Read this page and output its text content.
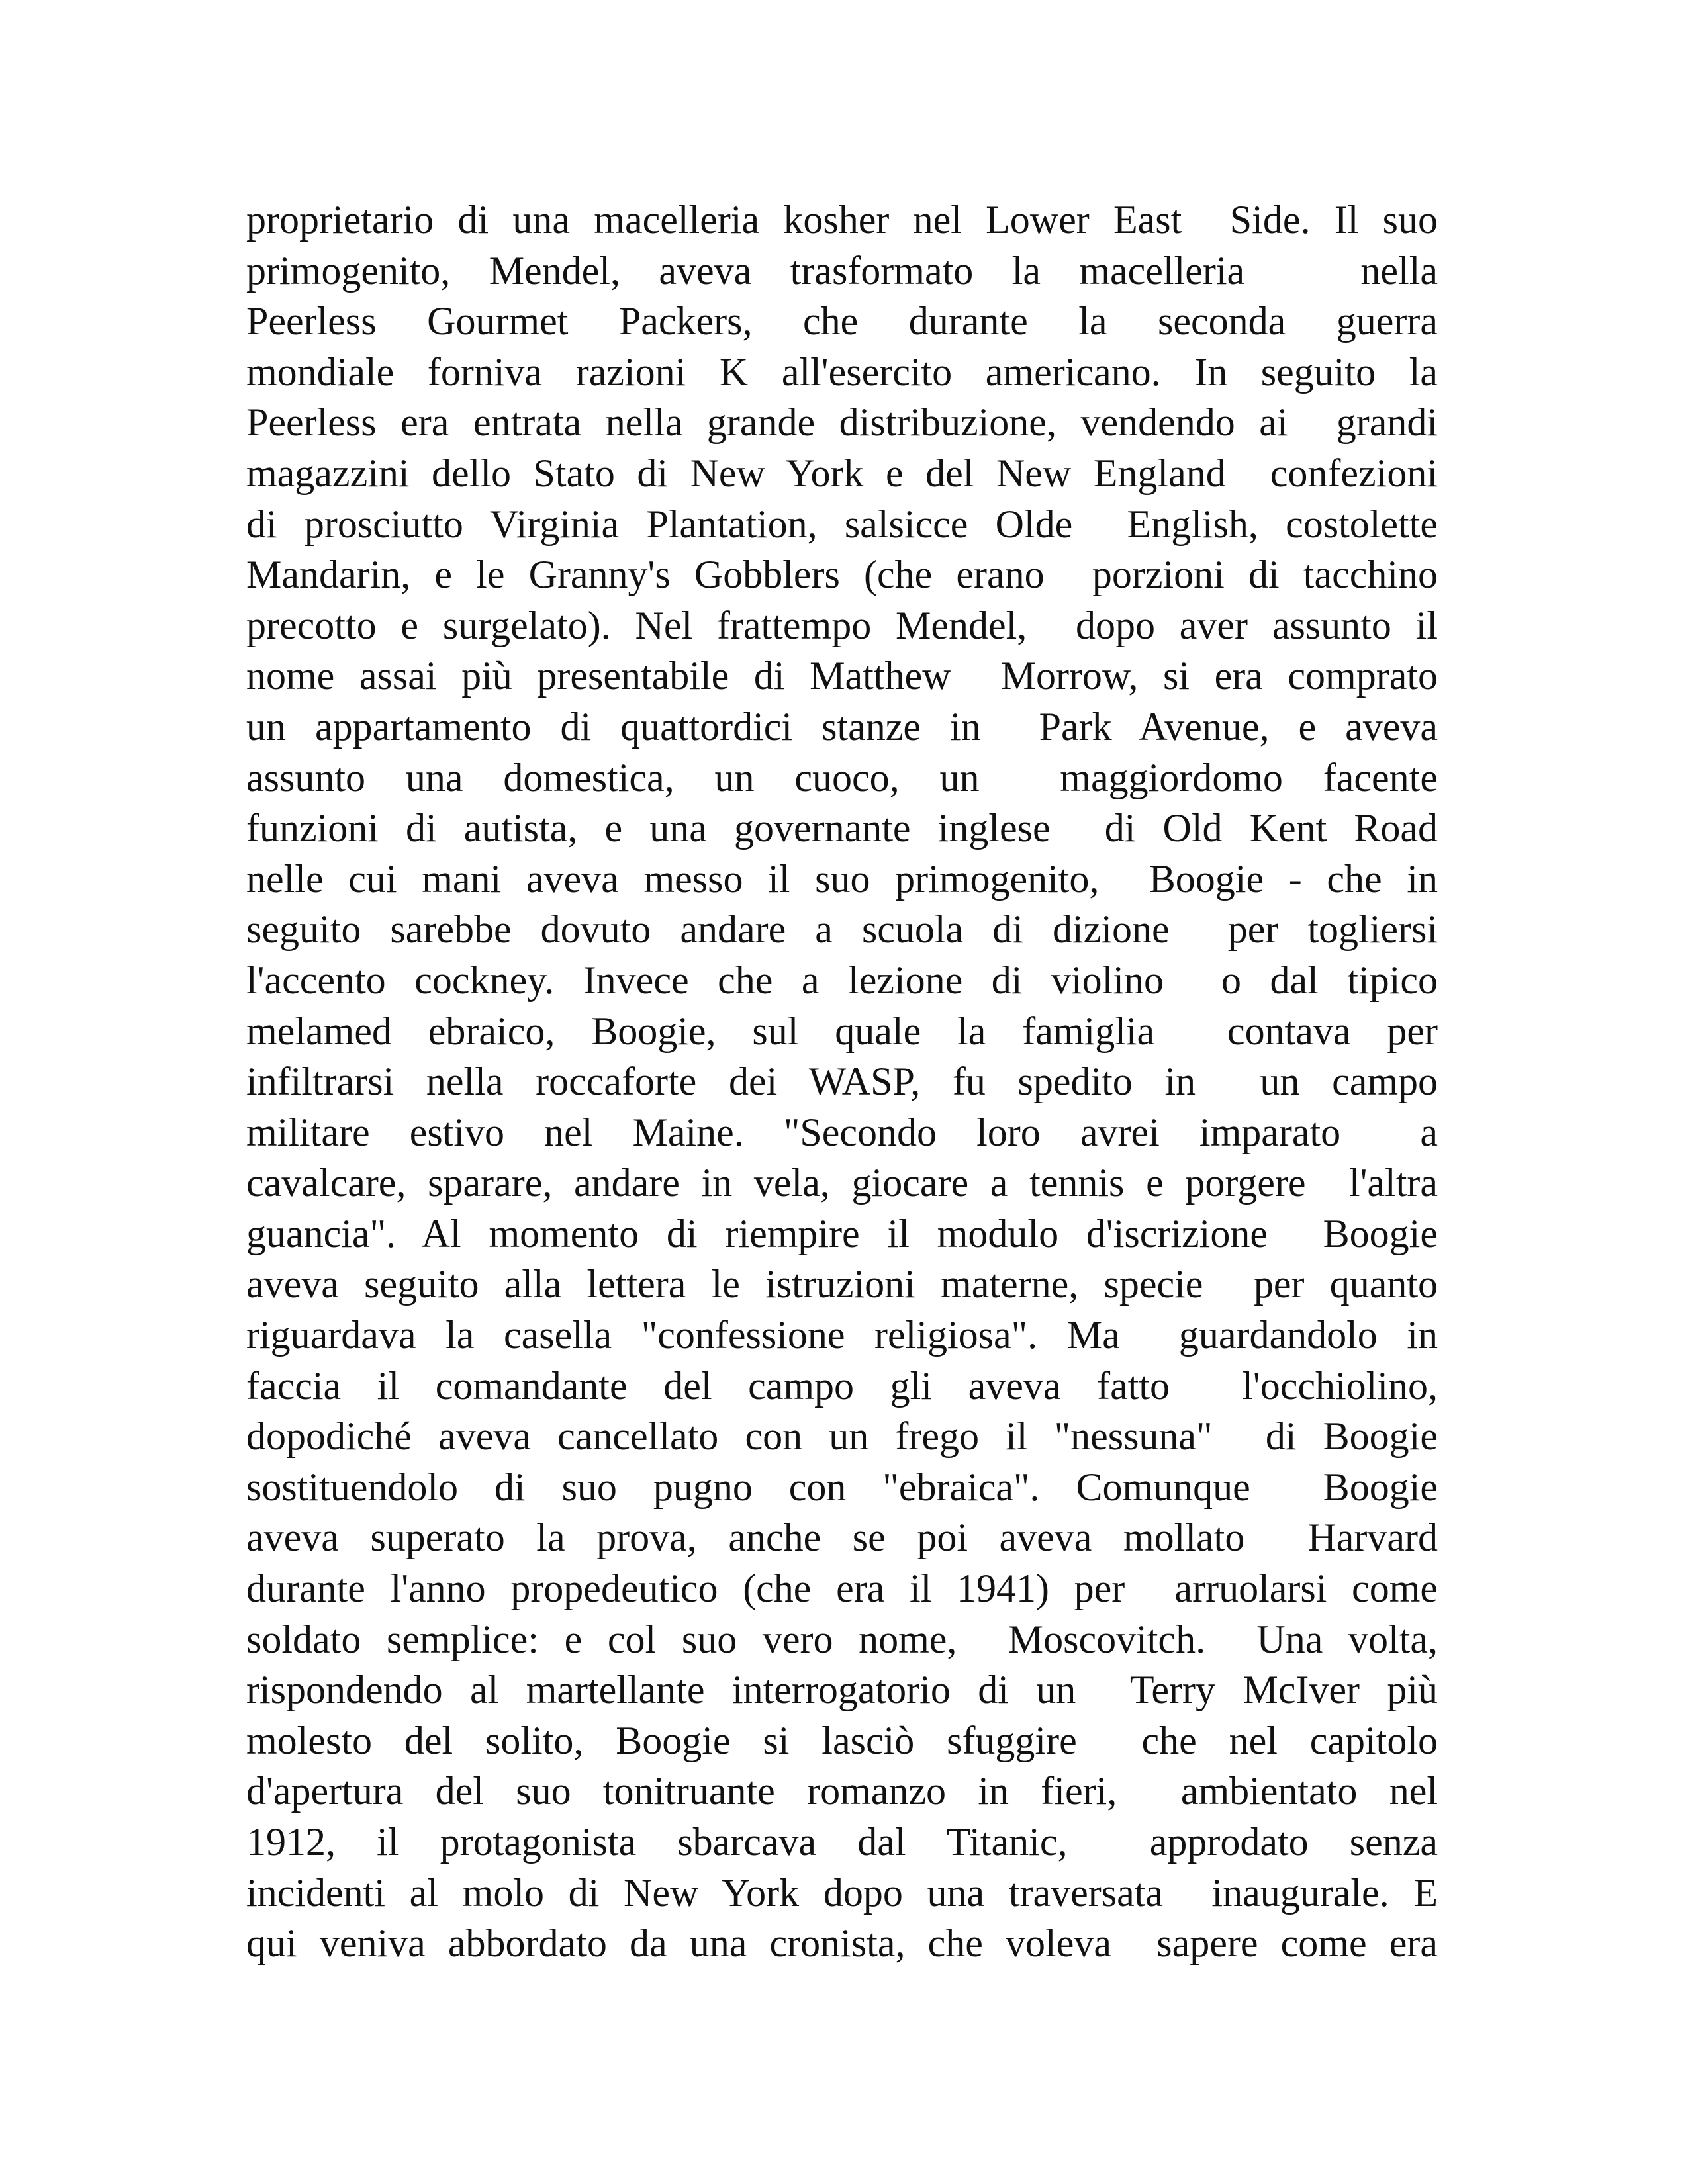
proprietario di una macelleria kosher nel Lower East  Side. Il suo
primogenito, Mendel, aveva trasformato la macelleria   nella
Peerless Gourmet Packers, che durante la seconda guerra
mondiale forniva razioni K all'esercito americano. In seguito la
Peerless era entrata nella grande distribuzione, vendendo ai  grandi
magazzini dello Stato di New York e del New England  confezioni
di prosciutto Virginia Plantation, salsicce Olde  English, costolette
Mandarin, e le Granny's Gobblers (che erano  porzioni di tacchino
precotto e surgelato). Nel frattempo Mendel,  dopo aver assunto il
nome assai più presentabile di Matthew  Morrow, si era comprato
un appartamento di quattordici stanze in  Park Avenue, e aveva
assunto una domestica, un cuoco, un  maggiordomo facente
funzioni di autista, e una governante inglese  di Old Kent Road
nelle cui mani aveva messo il suo primogenito,  Boogie - che in
seguito sarebbe dovuto andare a scuola di dizione  per togliersi
l'accento cockney. Invece che a lezione di violino  o dal tipico
melamed ebraico, Boogie, sul quale la famiglia  contava per
infiltrarsi nella roccaforte dei WASP, fu spedito in  un campo
militare estivo nel Maine. "Secondo loro avrei imparato  a
cavalcare, sparare, andare in vela, giocare a tennis e porgere  l'altra
guancia". Al momento di riempire il modulo d'iscrizione  Boogie
aveva seguito alla lettera le istruzioni materne, specie  per quanto
riguardava la casella "confessione religiosa". Ma  guardandolo in
faccia il comandante del campo gli aveva fatto  l'occhiolino,
dopodiché aveva cancellato con un frego il "nessuna"  di Boogie
sostituendolo di suo pugno con "ebraica". Comunque  Boogie
aveva superato la prova, anche se poi aveva mollato  Harvard
durante l'anno propedeutico (che era il 1941) per  arruolarsi come
soldato semplice: e col suo vero nome,  Moscovitch.  Una volta,
rispondendo al martellante interrogatorio di un  Terry McIver più
molesto del solito, Boogie si lasciò sfuggire  che nel capitolo
d'apertura del suo tonitruante romanzo in fieri,  ambientato nel
1912, il protagonista sbarcava dal Titanic,  approdato senza
incidenti al molo di New York dopo una traversata  inaugurale. E
qui veniva abbordato da una cronista, che voleva  sapere come era
